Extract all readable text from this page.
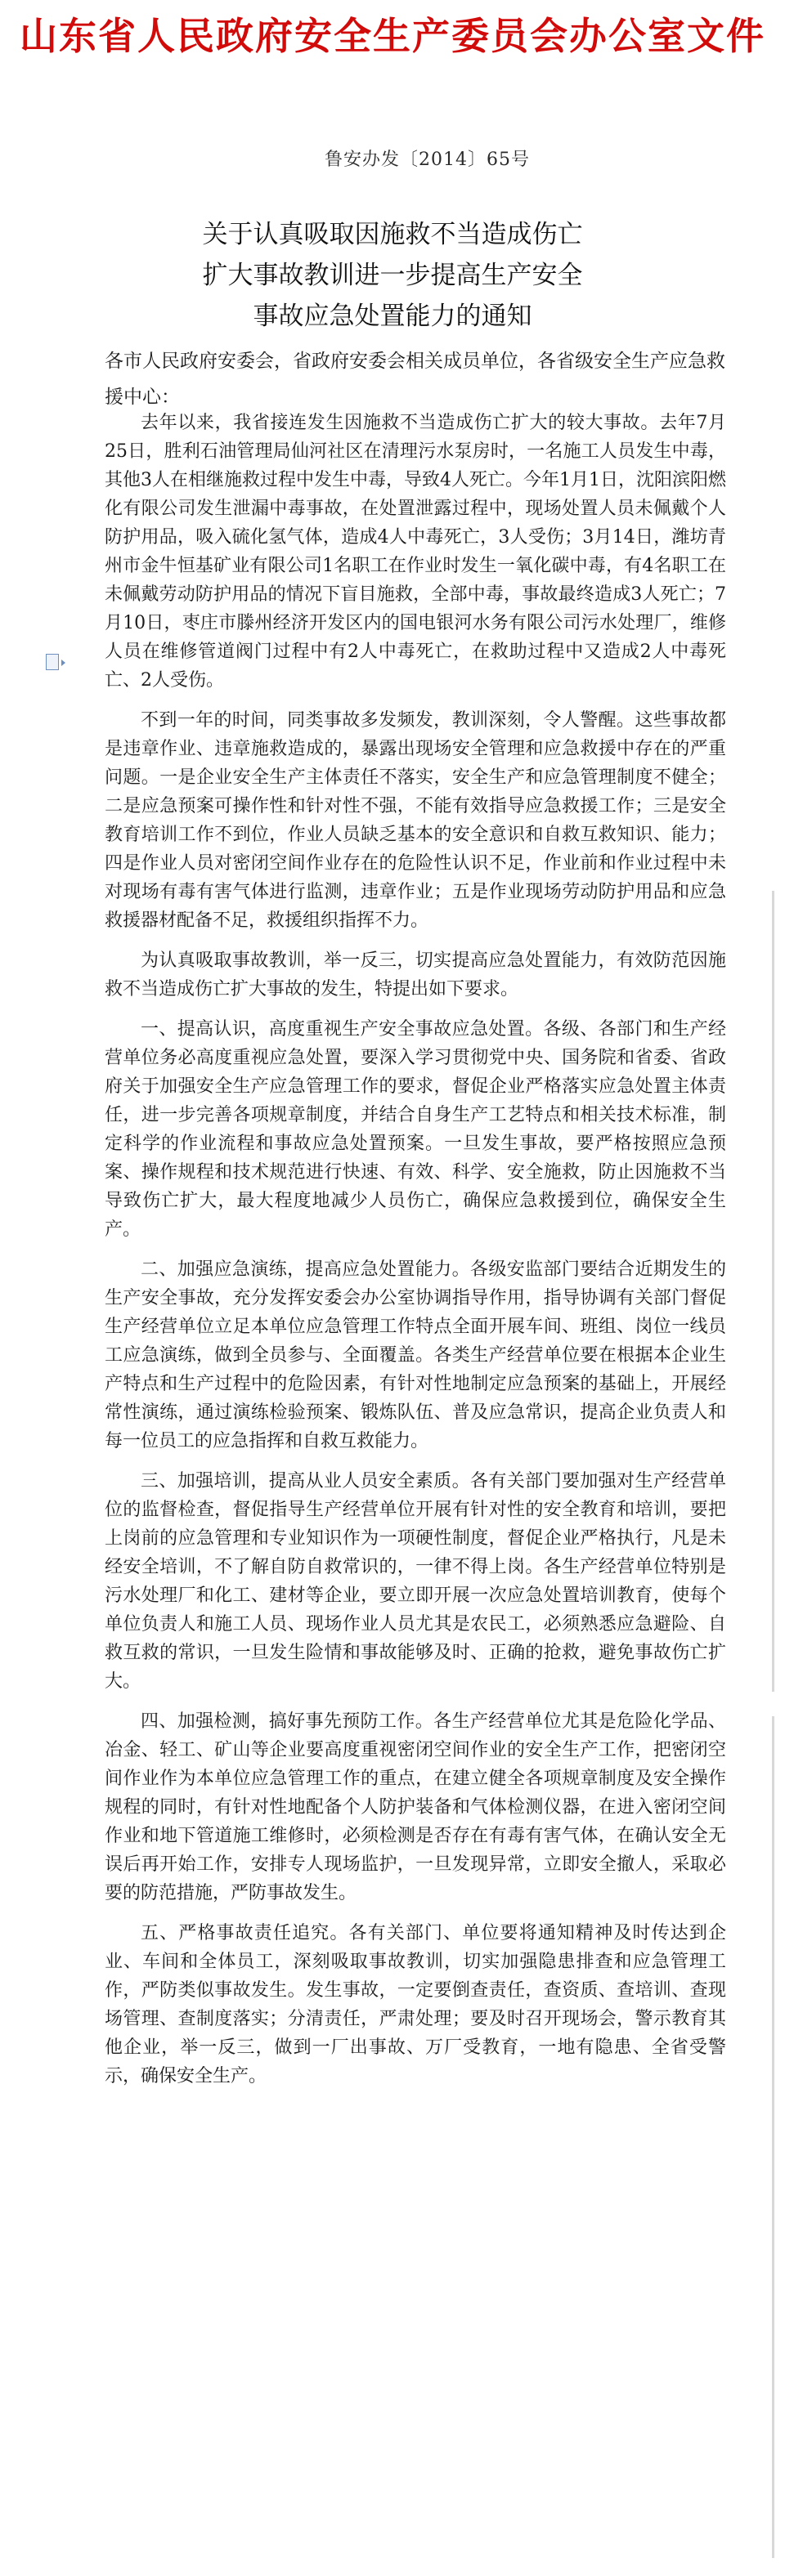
山东省人民政府安全生产委员会办公室文件
鲁安办发〔2014〕65号
关于认真吸取因施救不当造成伤亡
扩大事故教训进一步提高生产安全
事故应急处置能力的通知
各市人民政府安委会，省政府安委会相关成员单位，各省级安全生产应急救援中心：

去年以来，我省接连发生因施救不当造成伤亡扩大的较大事故。去年7月25日，胜利石油管理局仙河社区在清理污水泵房时，一名施工人员发生中毒，其他3人在相继施救过程中发生中毒，导致4人死亡。今年1月1日，沈阳滨阳燃化有限公司发生泄漏中毒事故，在处置泄露过程中，现场处置人员未佩戴个人防护用品，吸入硫化氢气体，造成4人中毒死亡，3人受伤；3月14日，潍坊青州市金牛恒基矿业有限公司1名职工在作业时发生一氧化碳中毒，有4名职工在未佩戴劳动防护用品的情况下盲目施救，全部中毒，事故最终造成3人死亡；7月10日，枣庄市滕州经济开发区内的国电银河水务有限公司污水处理厂，维修人员在维修管道阀门过程中有2人中毒死亡，在救助过程中又造成2人中毒死亡、2人受伤。

不到一年的时间，同类事故多发频发，教训深刻，令人警醒。这些事故都是违章作业、违章施救造成的，暴露出现场安全管理和应急救援中存在的严重问题。一是企业安全生产主体责任不落实，安全生产和应急管理制度不健全；二是应急预案可操作性和针对性不强，不能有效指导应急救援工作；三是安全教育培训工作不到位，作业人员缺乏基本的安全意识和自救互救知识、能力；四是作业人员对密闭空间作业存在的危险性认识不足，作业前和作业过程中未对现场有毒有害气体进行监测，违章作业；五是作业现场劳动防护用品和应急救援器材配备不足，救援组织指挥不力。

为认真吸取事故教训，举一反三，切实提高应急处置能力，有效防范因施救不当造成伤亡扩大事故的发生，特提出如下要求。

一、提高认识，高度重视生产安全事故应急处置。各级、各部门和生产经营单位务必高度重视应急处置，要深入学习贯彻党中央、国务院和省委、省政府关于加强安全生产应急管理工作的要求，督促企业严格落实应急处置主体责任，进一步完善各项规章制度，并结合自身生产工艺特点和相关技术标准，制定科学的作业流程和事故应急处置预案。一旦发生事故，要严格按照应急预案、操作规程和技术规范进行快速、有效、科学、安全施救，防止因施救不当导致伤亡扩大，最大程度地减少人员伤亡，确保应急救援到位，确保安全生产。

二、加强应急演练，提高应急处置能力。各级安监部门要结合近期发生的生产安全事故，充分发挥安委会办公室协调指导作用，指导协调有关部门督促生产经营单位立足本单位应急管理工作特点全面开展车间、班组、岗位一线员工应急演练，做到全员参与、全面覆盖。各类生产经营单位要在根据本企业生产特点和生产过程中的危险因素，有针对性地制定应急预案的基础上，开展经常性演练，通过演练检验预案、锻炼队伍、普及应急常识，提高企业负责人和每一位员工的应急指挥和自救互救能力。

三、加强培训，提高从业人员安全素质。各有关部门要加强对生产经营单位的监督检查，督促指导生产经营单位开展有针对性的安全教育和培训，要把上岗前的应急管理和专业知识作为一项硬性制度，督促企业严格执行，凡是未经安全培训，不了解自防自救常识的，一律不得上岗。各生产经营单位特别是污水处理厂和化工、建材等企业，要立即开展一次应急处置培训教育，使每个单位负责人和施工人员、现场作业人员尤其是农民工，必须熟悉应急避险、自救互救的常识，一旦发生险情和事故能够及时、正确的抢救，避免事故伤亡扩大。

四、加强检测，搞好事先预防工作。各生产经营单位尤其是危险化学品、冶金、轻工、矿山等企业要高度重视密闭空间作业的安全生产工作，把密闭空间作业作为本单位应急管理工作的重点，在建立健全各项规章制度及安全操作规程的同时，有针对性地配备个人防护装备和气体检测仪器，在进入密闭空间作业和地下管道施工维修时，必须检测是否存在有毒有害气体，在确认安全无误后再开始工作，安排专人现场监护，一旦发现异常，立即安全撤人，采取必要的防范措施，严防事故发生。

五、严格事故责任追究。各有关部门、单位要将通知精神及时传达到企业、车间和全体员工，深刻吸取事故教训，切实加强隐患排查和应急管理工作，严防类似事故发生。发生事故，一定要倒查责任，查资质、查培训、查现场管理、查制度落实；分清责任，严肃处理；要及时召开现场会，警示教育其他企业，举一反三，做到一厂出事故、万厂受教育，一地有隐患、全省受警示，确保安全生产。
